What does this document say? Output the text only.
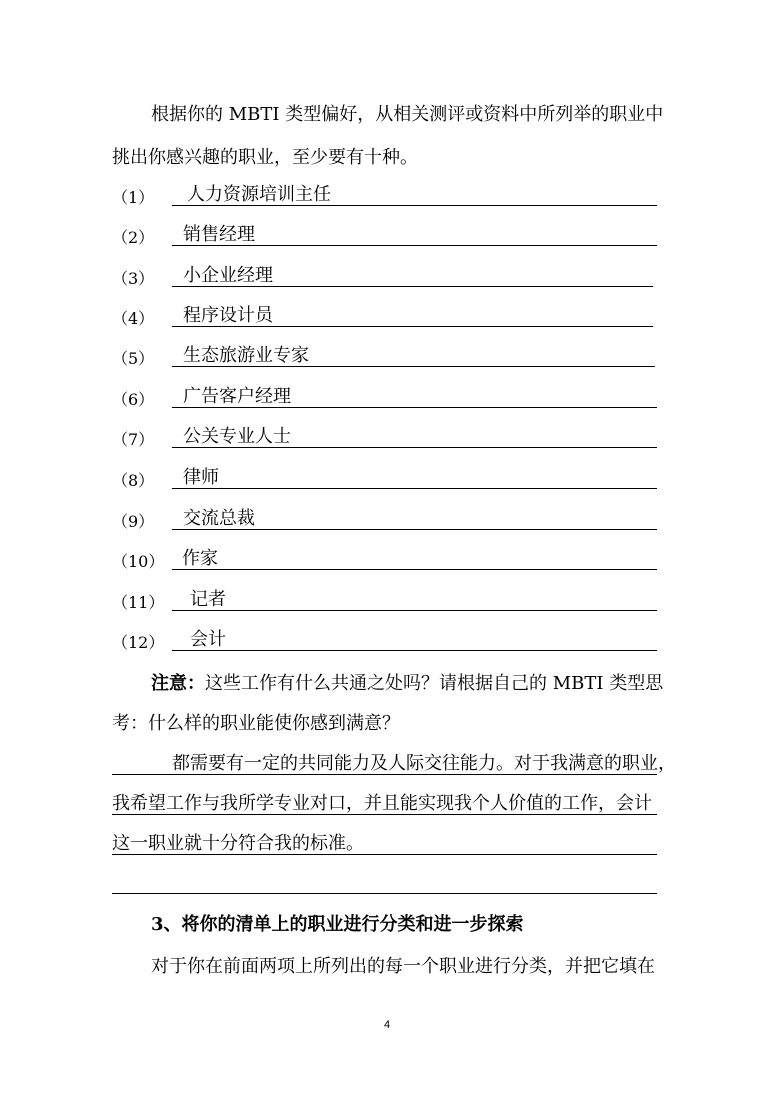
根据你的 MBTI 类型偏好，从相关测评或资料中所列举的职业中
挑出你感兴趣的职业，至少要有十种。
（1） 人力资源培训主任
（2） 销售经理
（3） 小企业经理
（4） 程序设计员
（5） 生态旅游业专家
（6） 广告客户经理
（7） 公关专业人士
（8） 律师
（9） 交流总裁
（10） 作家
（11） 记者
（12） 会计
注意：这些工作有什么共通之处吗？请根据自己的 MBTI 类型思
考：什么样的职业能使你感到满意？
都需要有一定的共同能力及人际交往能力。对于我满意的职业，
我希望工作与我所学专业对口，并且能实现我个人价值的工作，会计
这一职业就十分符合我的标准。
3、将你的清单上的职业进行分类和进一步探索
对于你在前面两项上所列出的每一个职业进行分类，并把它填在
4
